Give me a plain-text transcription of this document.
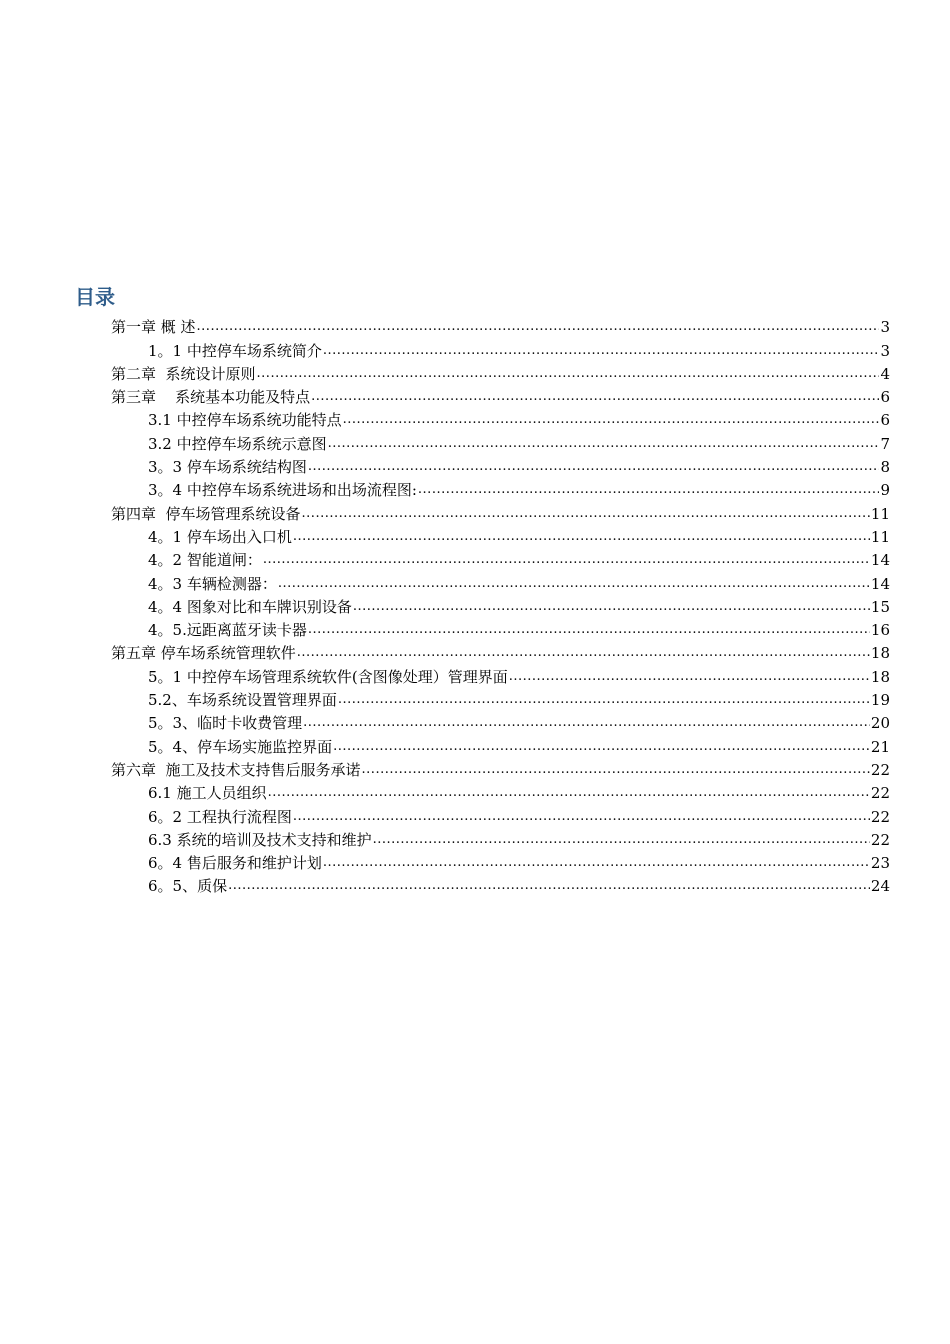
目录
第一章 概 述 .....	3
1。1 中控停车场系统简介 .....	3
第二章  系统设计原则 .....	4
第三章    系统基本功能及特点 .....	6
3.1 中控停车场系统功能特点 .....	6
3.2 中控停车场系统示意图 .....	7
3。3 停车场系统结构图 .....	8
3。4 中控停车场系统进场和出场流程图: .....	9
第四章  停车场管理系统设备 .....	11
4。1 停车场出入口机 .....	11
4。2 智能道闸： .....	14
4。3 车辆检测器： .....	14
4。4 图象对比和车牌识别设备 .....	15
4。5.远距离蓝牙读卡器 .....	16
第五章 停车场系统管理软件 .....	18
5。1 中控停车场管理系统软件(含图像处理）管理界面 .....	18
5.2、车场系统设置管理界面 .....	19
5。3、临时卡收费管理 .....	20
5。4、停车场实施监控界面 .....	21
第六章  施工及技术支持售后服务承诺 .....	22
6.1 施工人员组织 .....	22
6。2 工程执行流程图 .....	22
6.3 系统的培训及技术支持和维护 .....	22
6。4 售后服务和维护计划 .....	23
6。5、质保 .....	24
